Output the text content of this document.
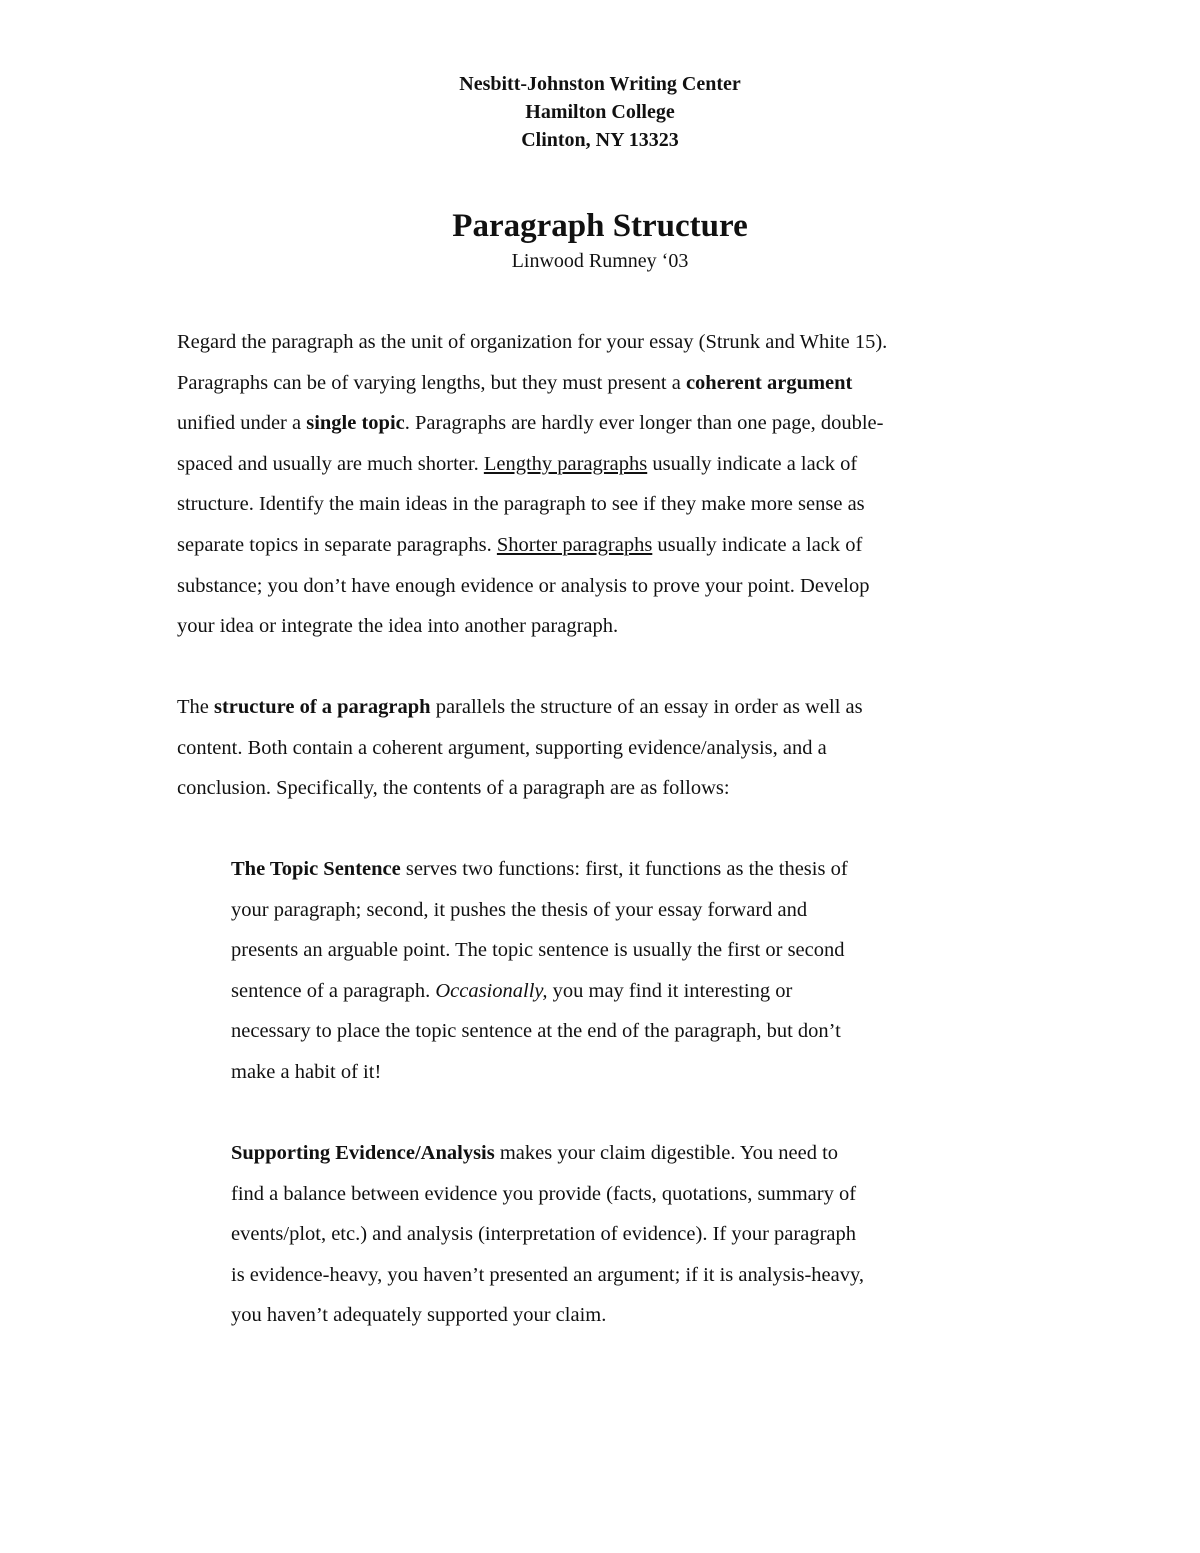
Nesbitt-Johnston Writing Center
Hamilton College
Clinton, NY 13323
Paragraph Structure
Linwood Rumney ‘03

Regard the paragraph as the unit of organization for your essay (Strunk and White 15).
Paragraphs can be of varying lengths, but they must present a coherent argument
unified under a single topic. Paragraphs are hardly ever longer than one page, double-
spaced and usually are much shorter. Lengthy paragraphs usually indicate a lack of
structure. Identify the main ideas in the paragraph to see if they make more sense as
separate topics in separate paragraphs. Shorter paragraphs usually indicate a lack of
substance; you don’t have enough evidence or analysis to prove your point. Develop
your idea or integrate the idea into another paragraph.

The structure of a paragraph parallels the structure of an essay in order as well as
content. Both contain a coherent argument, supporting evidence/analysis, and a
conclusion. Specifically, the contents of a paragraph are as follows:

The Topic Sentence serves two functions: first, it functions as the thesis of
your paragraph; second, it pushes the thesis of your essay forward and
presents an arguable point. The topic sentence is usually the first or second
sentence of a paragraph. Occasionally, you may find it interesting or
necessary to place the topic sentence at the end of the paragraph, but don’t
make a habit of it!

Supporting Evidence/Analysis makes your claim digestible. You need to
find a balance between evidence you provide (facts, quotations, summary of
events/plot, etc.) and analysis (interpretation of evidence). If your paragraph
is evidence-heavy, you haven’t presented an argument; if it is analysis-heavy,
you haven’t adequately supported your claim.
